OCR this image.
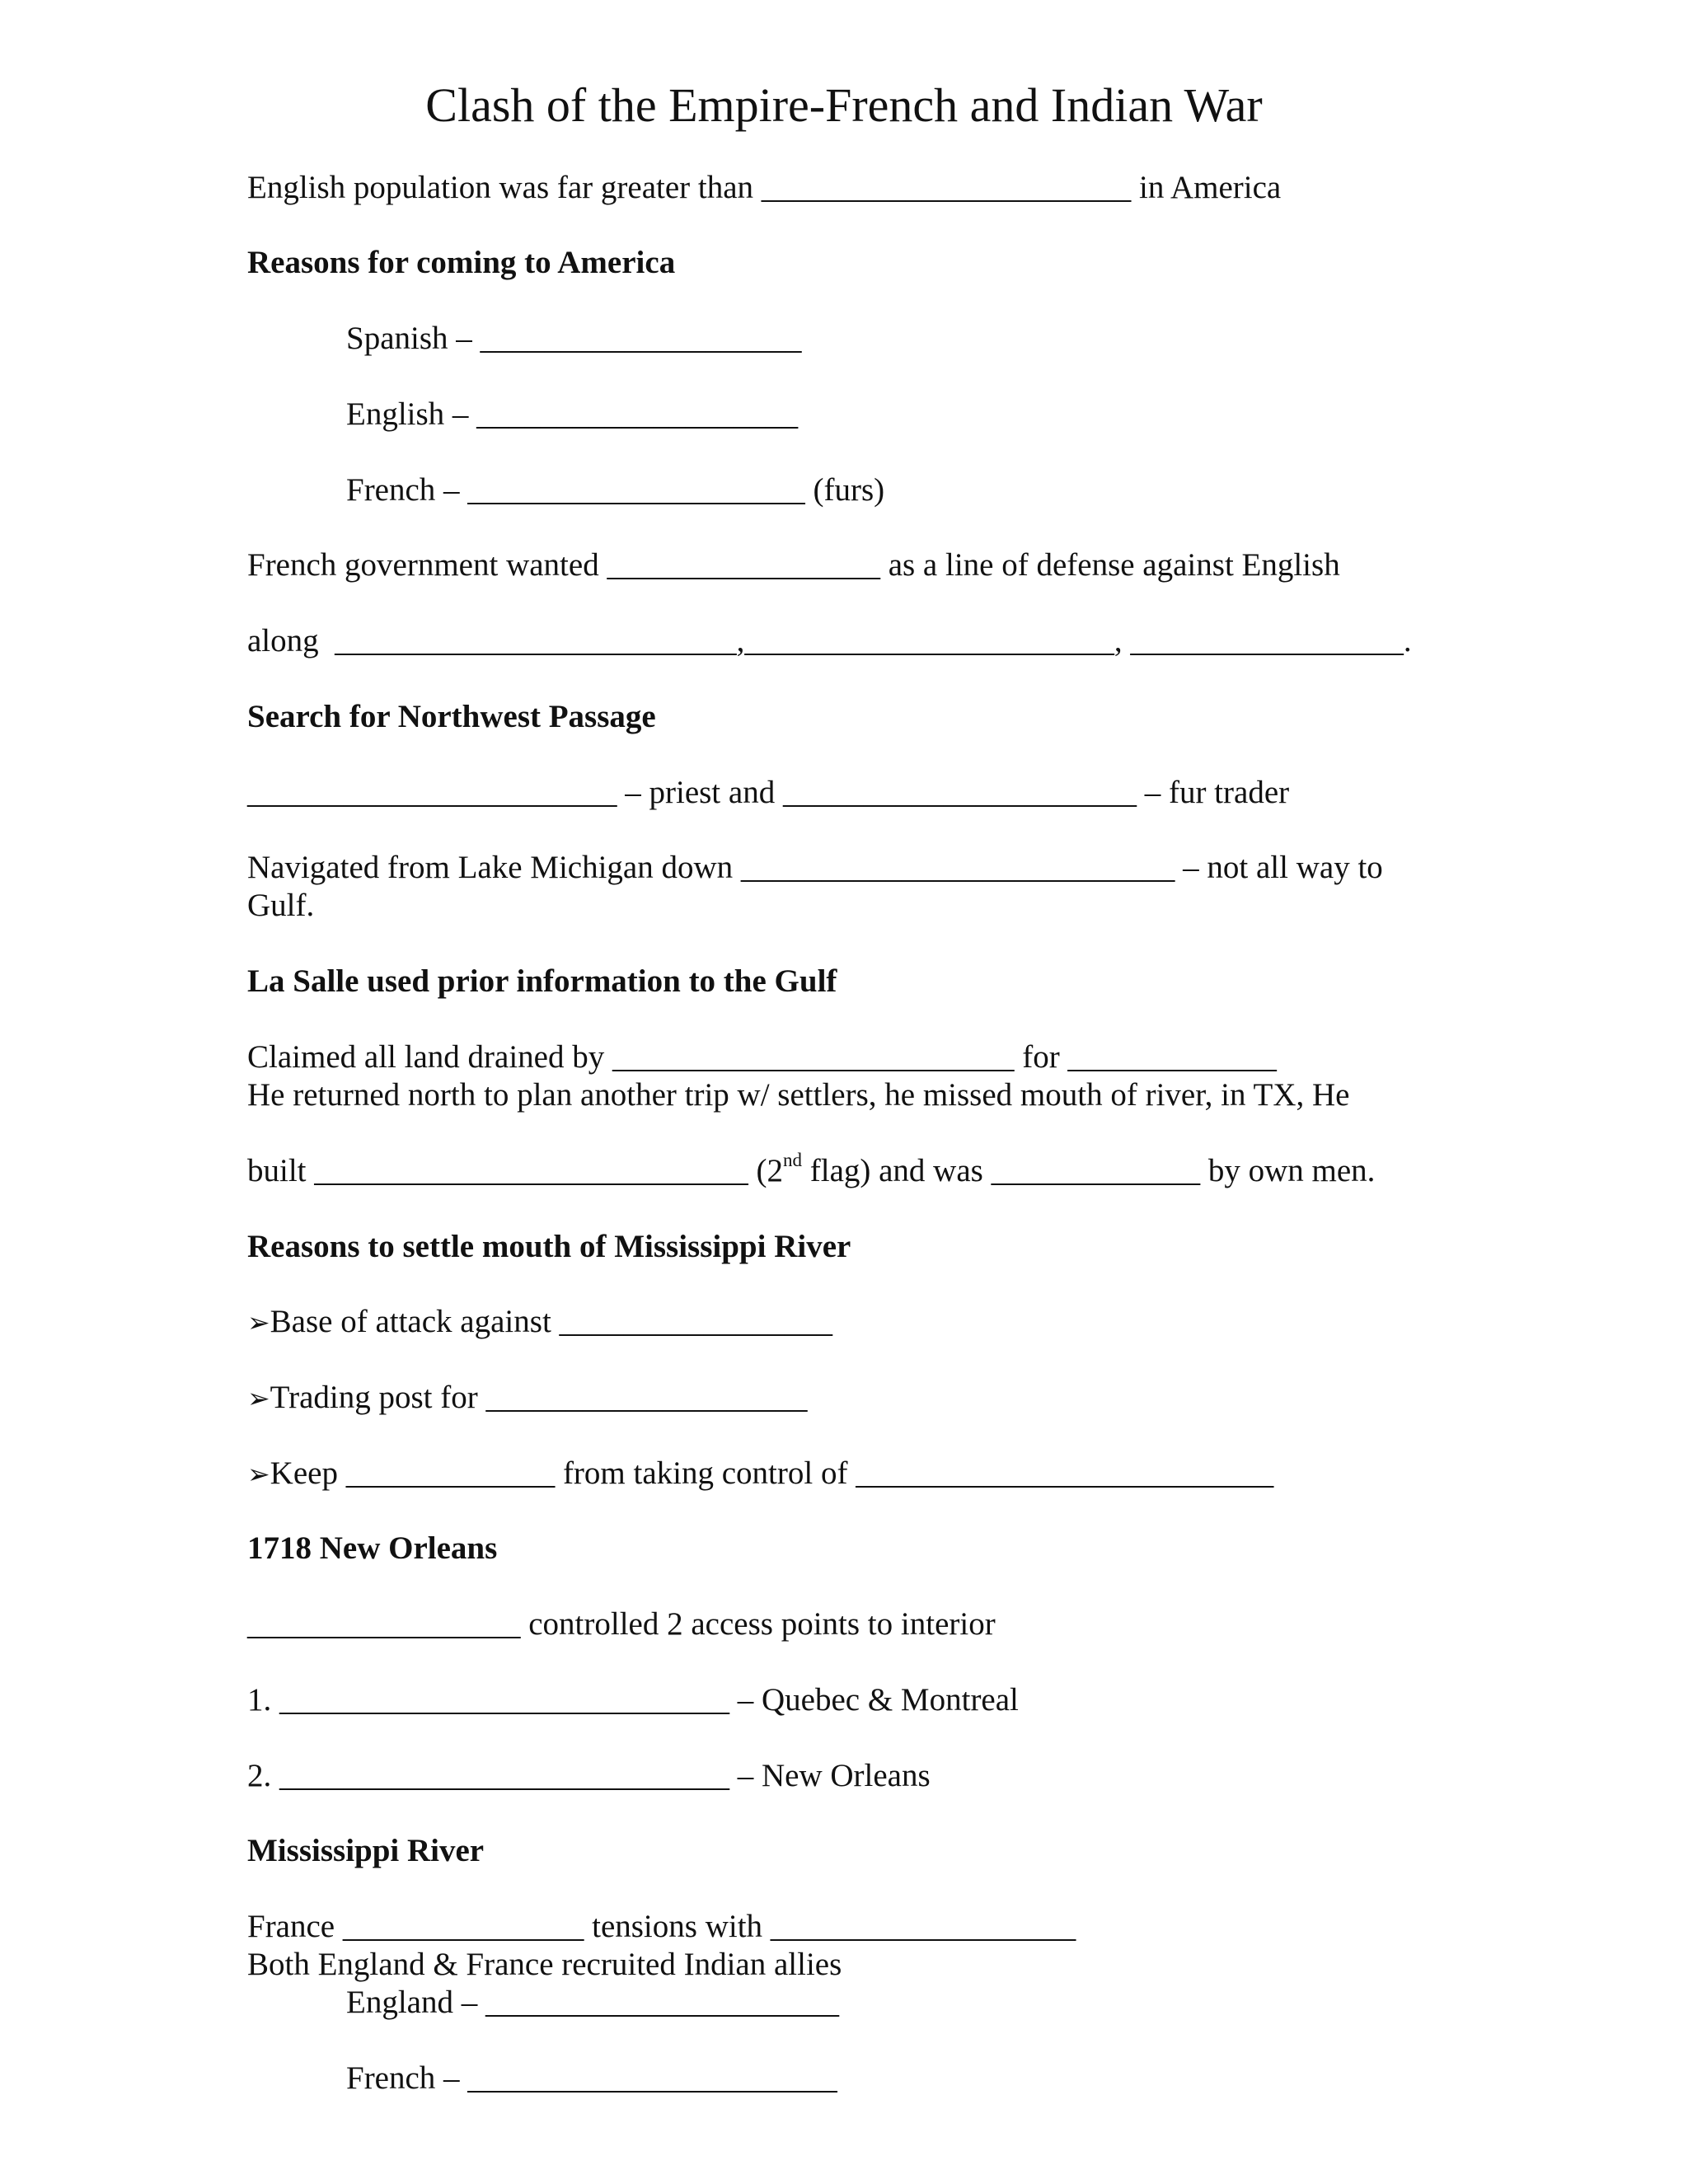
Clash of the Empire-French and Indian War
English population was far greater than _______________________ in America
Reasons for coming to America
Spanish – ____________________
English – ____________________
French – _____________________ (furs)
French government wanted _________________ as a line of defense against English
along  _________________________,_______________________, _________________.
Search for Northwest Passage
_______________________ – priest and ______________________ – fur trader
Navigated from Lake Michigan down ___________________________ – not all way to
Gulf.
La Salle used prior information to the Gulf
Claimed all land drained by _________________________ for _____________
He returned north to plan another trip w/ settlers, he missed mouth of river, in TX, He
built ___________________________ (2nd flag) and was _____________ by own men.
Reasons to settle mouth of Mississippi River
➢Base of attack against _________________
➢Trading post for ____________________
➢Keep _____________ from taking control of __________________________
1718 New Orleans
_________________ controlled 2 access points to interior
1. ____________________________ – Quebec & Montreal
2. ____________________________ – New Orleans
Mississippi River
France _______________ tensions with ___________________
Both England & France recruited Indian allies
England – ______________________
French – _______________________
